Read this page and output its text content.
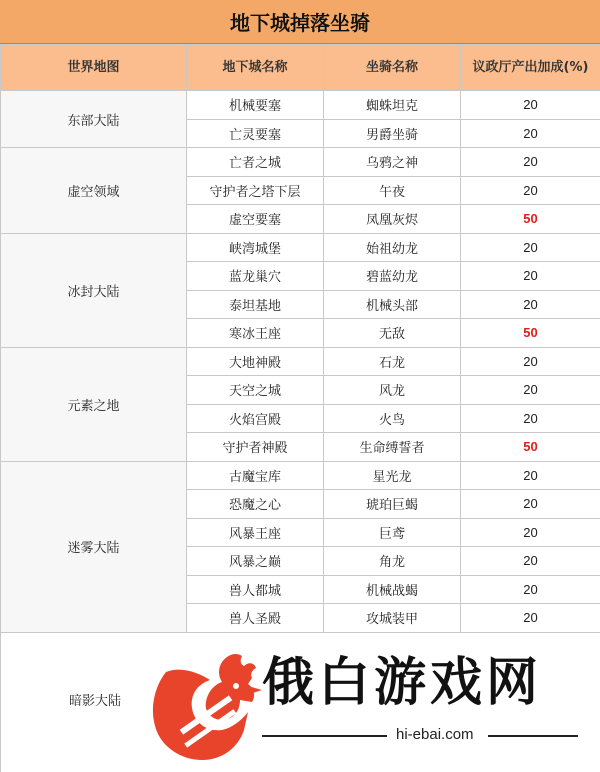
地下城掉落坐骑
世界地图	地下城名称	坐骑名称	议政厅产出加成(%)
东部大陆	机械要塞	蜘蛛坦克	20
	亡灵要塞	男爵坐骑	20
虚空领域	亡者之城	乌鸦之神	20
	守护者之塔下层	午夜	20
	虚空要塞	凤凰灰烬	50
冰封大陆	峡湾城堡	始祖幼龙	20
	蓝龙巢穴	碧蓝幼龙	20
	泰坦基地	机械头部	20
	寒冰王座	无敌	50
元素之地	大地神殿	石龙	20
	天空之城	风龙	20
	火焰宫殿	火鸟	20
	守护者神殿	生命缚誓者	50
迷雾大陆	古魔宝库	星光龙	20
	恐魔之心	琥珀巨蝎	20
	风暴王座	巨鸢	20
	风暴之巅	角龙	20
	兽人都城	机械战蝎	20
	兽人圣殿	攻城装甲	20
暗影大陆	俄白游戏网
hi-ebai.com
